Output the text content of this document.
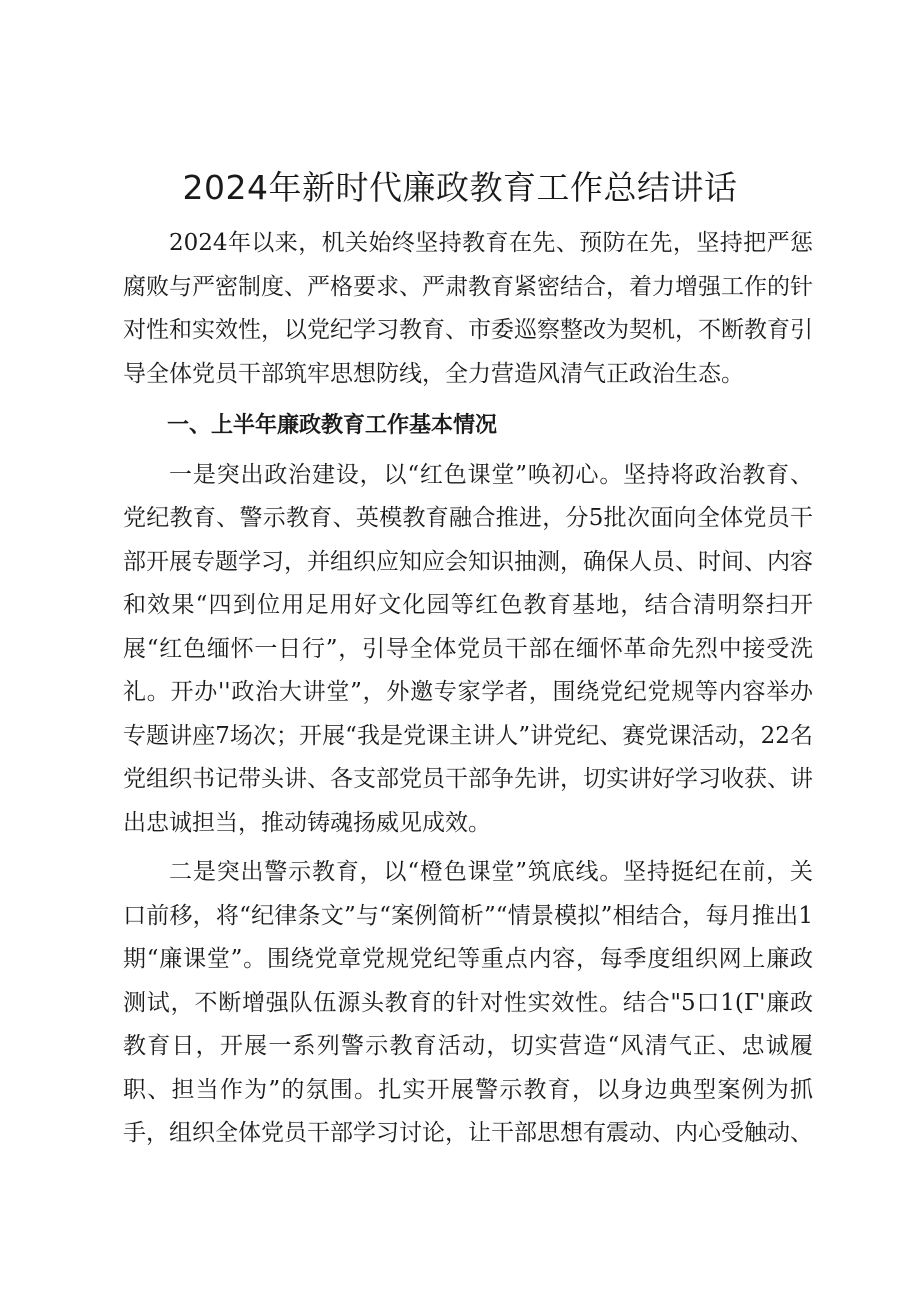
2024年新时代廉政教育工作总结讲话

2024年以来，机关始终坚持教育在先、预防在先，坚持把严惩腐败与严密制度、严格要求、严肃教育紧密结合，着力增强工作的针对性和实效性，以党纪学习教育、市委巡察整改为契机，不断教育引导全体党员干部筑牢思想防线，全力营造风清气正政治生态。

一、上半年廉政教育工作基本情况

一是突出政治建设，以“红色课堂”唤初心。坚持将政治教育、党纪教育、警示教育、英模教育融合推进，分5批次面向全体党员干部开展专题学习，并组织应知应会知识抽测，确保人员、时间、内容和效果“四到位用足用好文化园等红色教育基地，结合清明祭扫开展“红色缅怀一日行”，引导全体党员干部在缅怀革命先烈中接受洗礼。开办''政治大讲堂”，外邀专家学者，围绕党纪党规等内容举办专题讲座7场次；开展“我是党课主讲人”讲党纪、赛党课活动，22名党组织书记带头讲、各支部党员干部争先讲，切实讲好学习收获、讲出忠诚担当，推动铸魂扬威见成效。

二是突出警示教育，以“橙色课堂”筑底线。坚持挺纪在前，关口前移，将“纪律条文”与“案例简析”“情景模拟”相结合，每月推出1期“廉课堂”。围绕党章党规党纪等重点内容，每季度组织网上廉政测试，不断增强队伍源头教育的针对性实效性。结合"5口1(Г'廉政教育日，开展一系列警示教育活动，切实营造“风清气正、忠诚履职、担当作为”的氛围。扎实开展警示教育，以身边典型案例为抓手，组织全体党员干部学习讨论，让干部思想有震动、内心受触动、
